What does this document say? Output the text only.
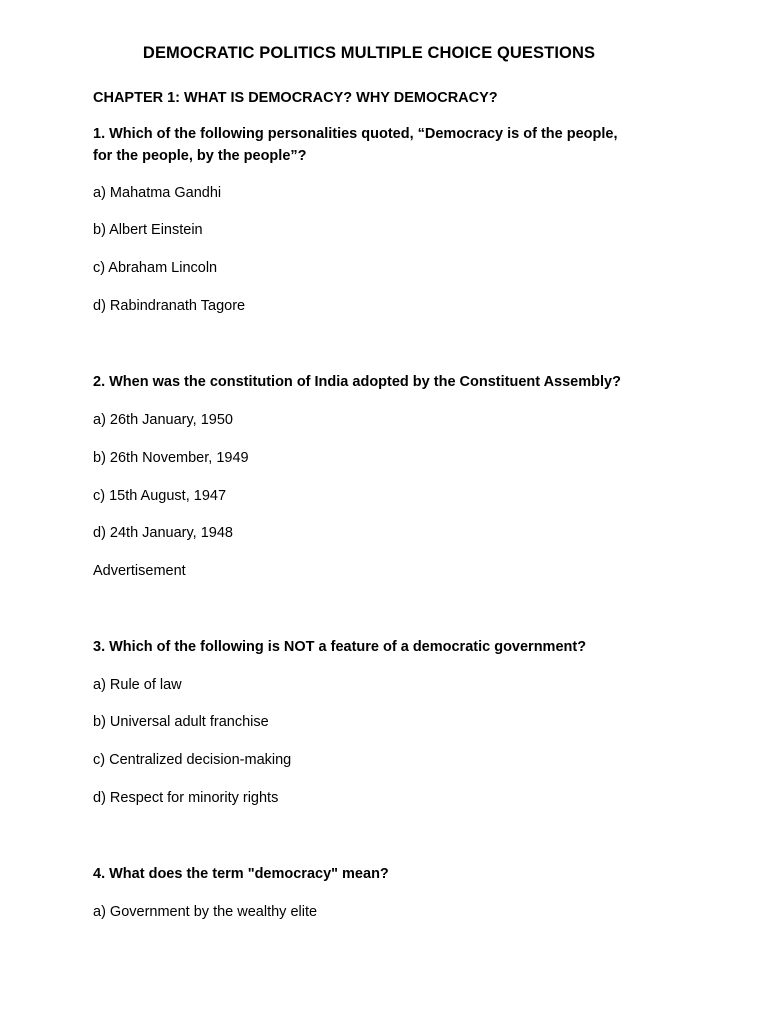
DEMOCRATIC POLITICS MULTIPLE CHOICE QUESTIONS
CHAPTER 1: WHAT IS DEMOCRACY? WHY DEMOCRACY?
1. Which of the following personalities quoted, “Democracy is of the people,
for the people, by the people”?
a) Mahatma Gandhi
b) Albert Einstein
c) Abraham Lincoln
d) Rabindranath Tagore
2. When was the constitution of India adopted by the Constituent Assembly?
a) 26th January, 1950
b) 26th November, 1949
c) 15th August, 1947
d) 24th January, 1948
Advertisement
3. Which of the following is NOT a feature of a democratic government?
a) Rule of law
b) Universal adult franchise
c) Centralized decision-making
d) Respect for minority rights
4. What does the term "democracy" mean?
a) Government by the wealthy elite
